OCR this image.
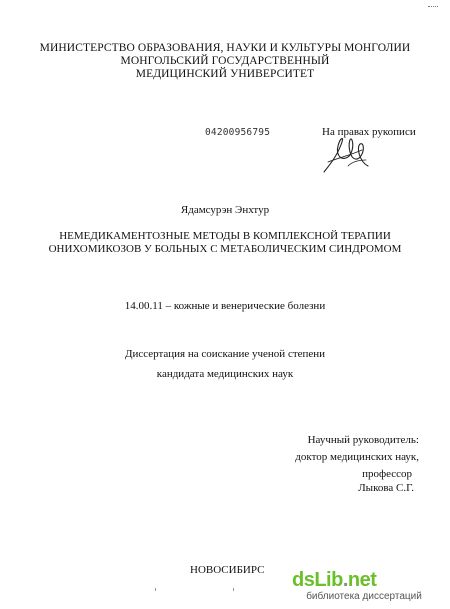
МИНИСТЕРСТВО ОБРАЗОВАНИЯ, НАУКИ И КУЛЬТУРЫ МОНГОЛИИ
МОНГОЛЬСКИЙ ГОСУДАРСТВЕННЫЙ
МЕДИЦИНСКИЙ УНИВЕРСИТЕТ
04200956795	На правах рукописи
Ядамсурэн Энхтур
НЕМЕДИКАМЕНТОЗНЫЕ МЕТОДЫ В КОМПЛЕКСНОЙ ТЕРАПИИ
ОНИХОМИКОЗОВ У БОЛЬНЫХ С МЕТАБОЛИЧЕСКИМ СИНДРОМОМ
14.00.11 – кожные и венерические болезни
Диссертация на соискание ученой степени
кандидата медицинских наук
Научный руководитель:
доктор медицинских наук,
профессор
Лыкова С.Г.
НОВОСИБИРС dsLib.net
библиотека диссертаций
